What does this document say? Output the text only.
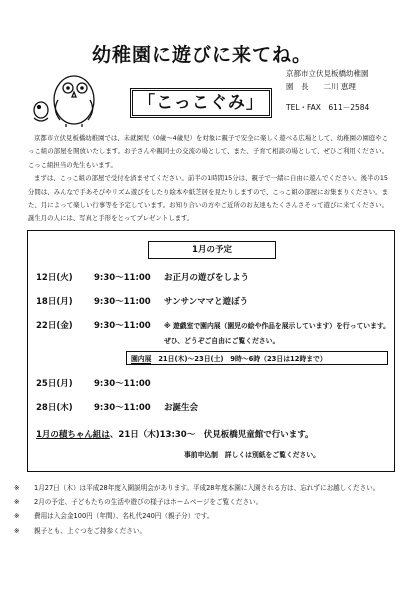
幼稚園に遊びに来てね。
「こっこぐみ」
京都市立伏見板橋幼稚園
園　長　　 二川 恵理
TEL・FAX　 611－2584

京都市立伏見板橋幼稚園では、未就園児（0歳～4歳児）を対象に親子で安全に楽しく遊べる広場として、幼稚園の園庭やこっこ組の部屋を開放いたします。お子さんや親同士の交流の場として、また、子育て相談の場として、ぜひご利用ください。こっこ組担当の先生もいます。

まずは、こっこ組の部屋で受付を済ませてください。前半の1時間15分は、親子で一緒に自由に遊んでください。後半の15分間は、みんなで手あそびやリズム遊びをしたり絵本や紙芝居を見たりしますので、こっこ組の部屋にお集まりください。また、月によって楽しい行事等を予定しています。お知り合いの方やご近所のお友達もたくさんさそって遊びに来てください。誕生月の人には、写真と手形をとってプレゼントします。

1月の予定
12日(火)	9:30～11:00 お正月の遊びをしよう
18日(月)	9:30～11:00 サンサンママと遊ぼう
22日(金)	9:30～11:00 ※ 遊戯室で園内展（園児の絵や作品を展示しています）を行っています。
ぜひ、どうぞご自由にご覧ください。
園内展　 21日(木)～23日(土)　9時～6時（23日は12時まで）
25日(月)	9:30～11:00
28日(木)	9:30～11:00 お誕生会
1月の積ちゃん組は、21日（木)13:30～　伏見板橋児童館で行います。
事前申込制　詳しくは別紙をご覧ください。
※	1月27日（木）は平成28年度入園説明会があります。平成28年度本園に入園される方は、忘れずにお越しください。
※	2月の予定、子どもたちの生活や遊びの様子はホームページをご覧ください。
※	費用は入会金100円（年間）、名札代240円（親子分）です。
※	親子とも、上ぐつをご持参ください。
